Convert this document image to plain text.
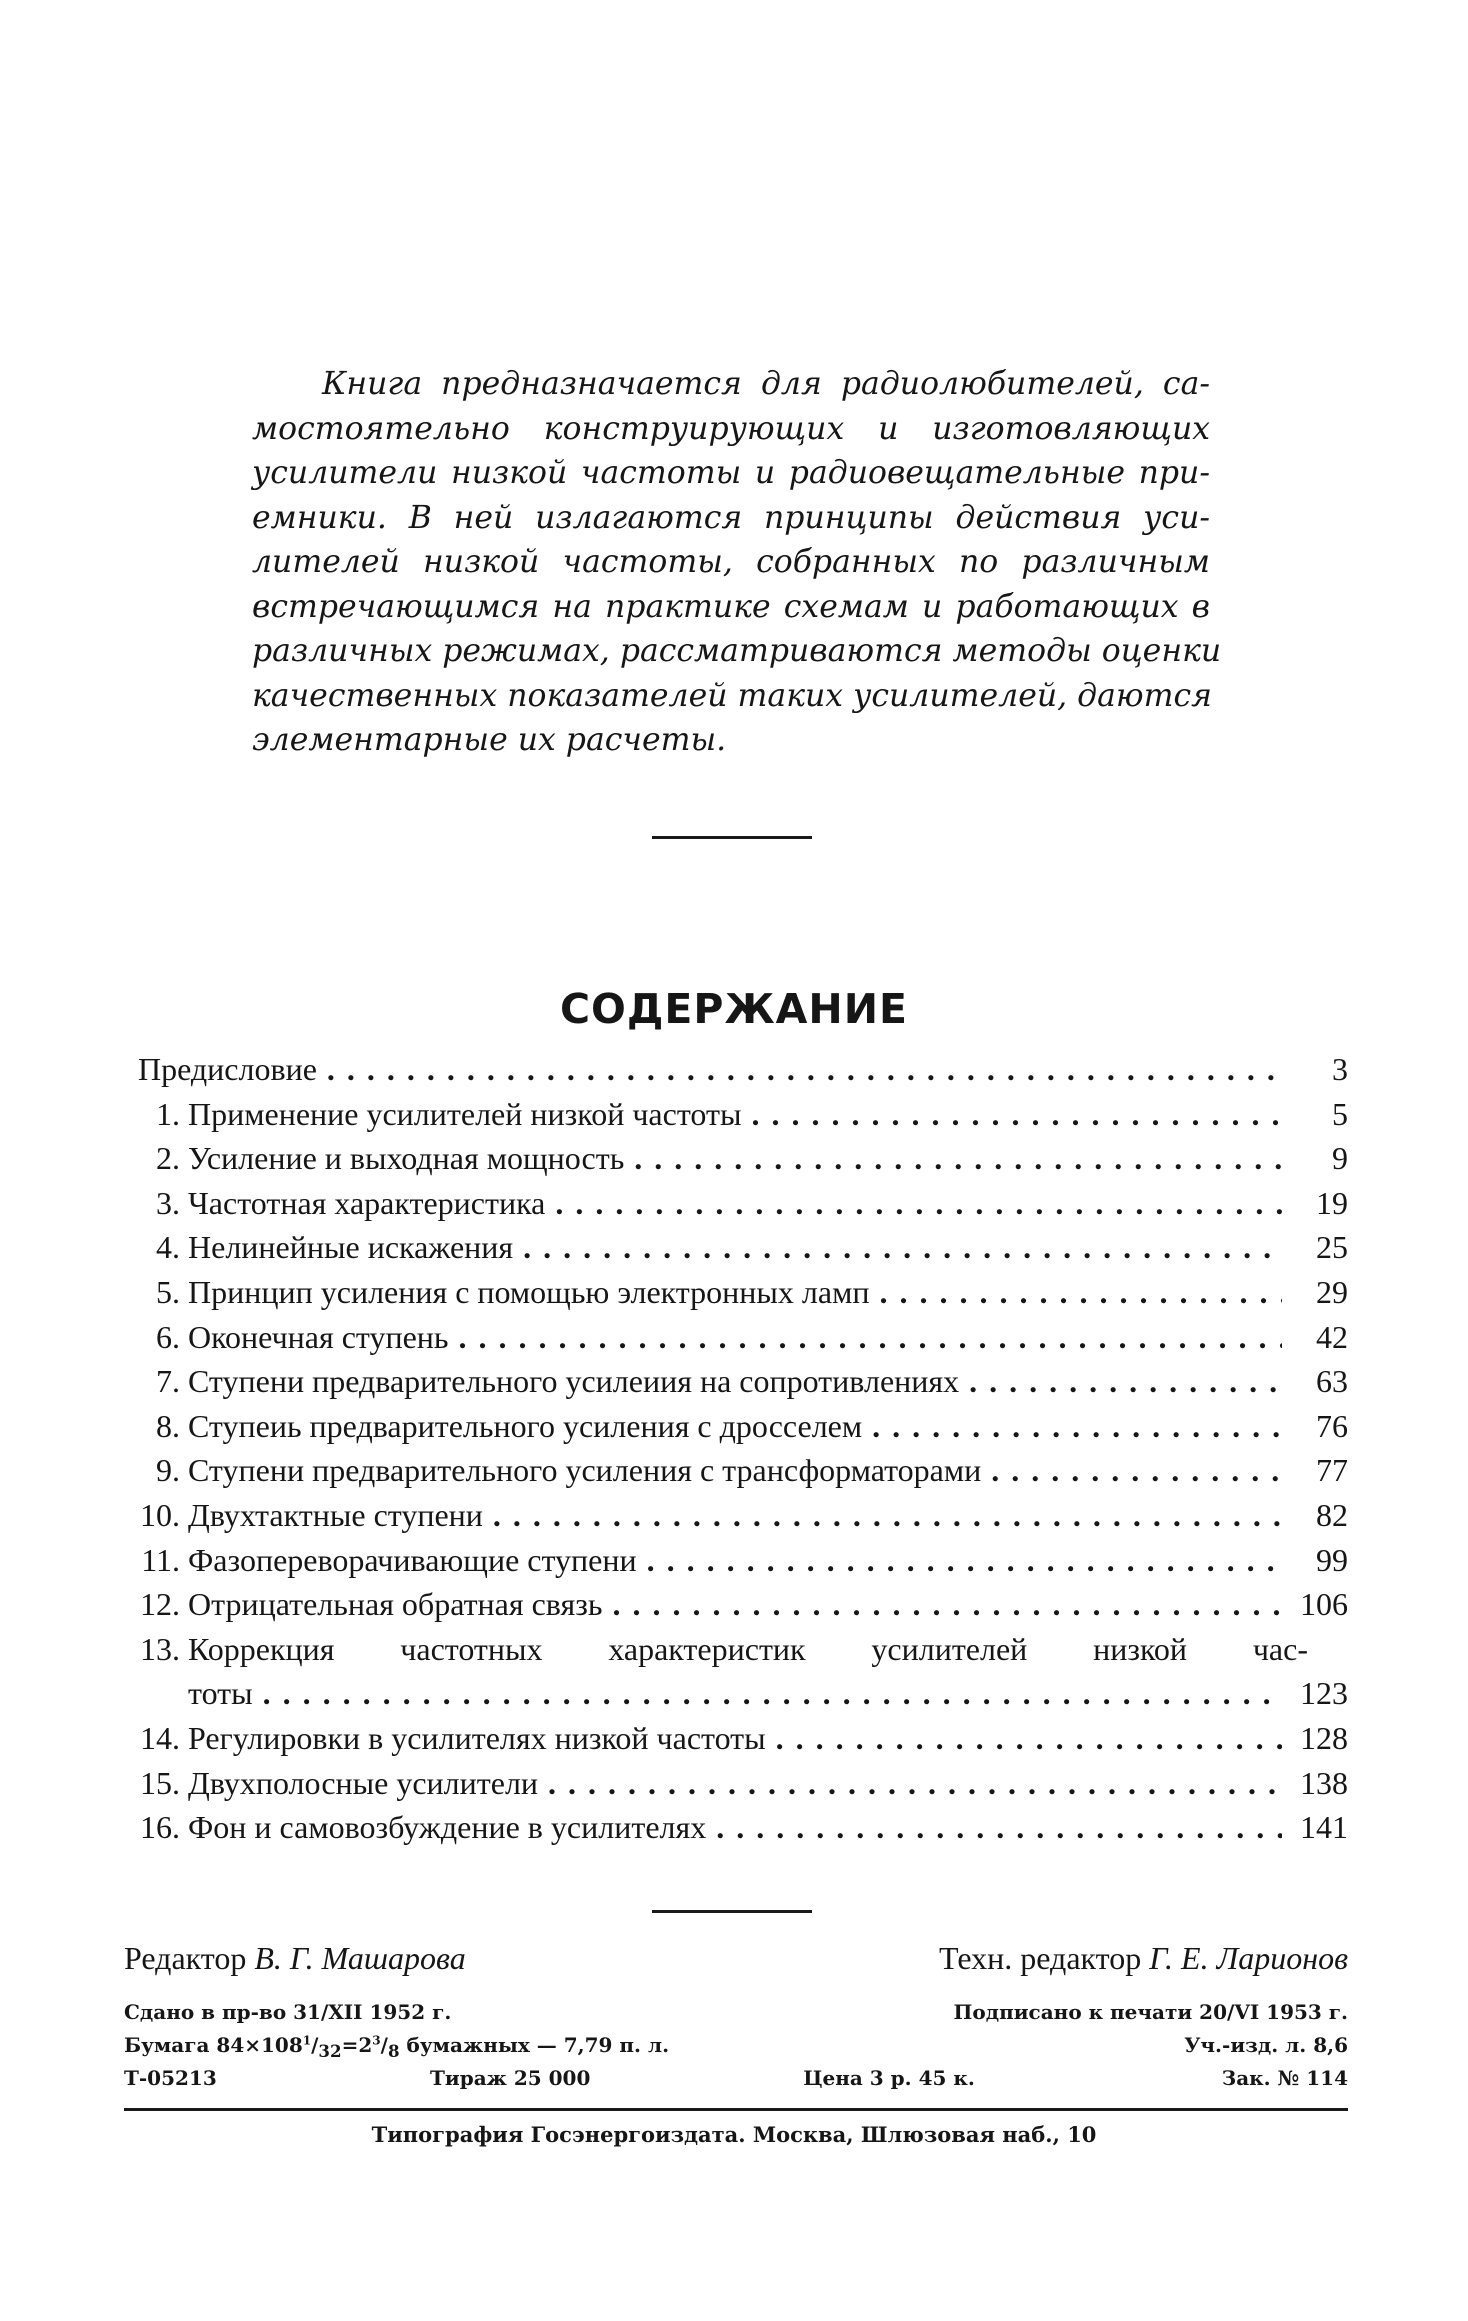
Книга предназначается для радиолюбителей, са-
мостоятельно конструирующих и изготовляющих
усилители низкой частоты и радиовещательные при-
емники. В ней излагаются принципы действия уси-
лителей низкой частоты, собранных по различным
встречающимся на практике схемам и работающих в
различных режимах, рассматриваются методы оценки
качественных показателей таких усилителей, даются
элементарные их расчеты.

СОДЕРЖАНИЕ
Предисловие . . .	3
1. Применение усилителей низкой частоты . . .	5
2. Усиление и выходная мощность . . .	9
3. Частотная характеристика . . .	19
4. Нелинейные искажения . . .	25
5. Принцип усиления с помощью электронных ламп . . .	29
6. Оконечная ступень . . .	42
7. Ступени предварительного усилеиия на сопротивлениях . . .	63
8. Ступеиь предварительного усиления с дросселем . . .	76
9. Ступени предварительного усиления с трансформаторами . . .	77
10. Двухтактные ступени . . .	82
11. Фазопереворачивающие ступени . . .	99
12. Отрицательная обратная связь . . .	106
13. Коррекция частотных характеристик усилителей низкой час-
тоты . . .	123
14. Регулировки в усилителях низкой частоты . . .	128
15. Двухполосные усилители . . .	138
16. Фон и самовозбуждение в усилителях . . .	141
Редактор В. Г. Машарова	Техн. редактор Г. Е. Ларионов
Сдано в пр-во 31/XII 1952 г.	Подписано к печати 20/VI 1953 г.
Бумага $84\times 108^1/_{32}=2^3/_8$ бумажных — 7,79 п. л.	Уч.-изд. л. 8,6
Т-05213	Тираж 25 000	Цена 3 р. 45 к.	Зак. № 114
Типография Госэнергоиздата. Москва, Шлюзовая наб., 10
